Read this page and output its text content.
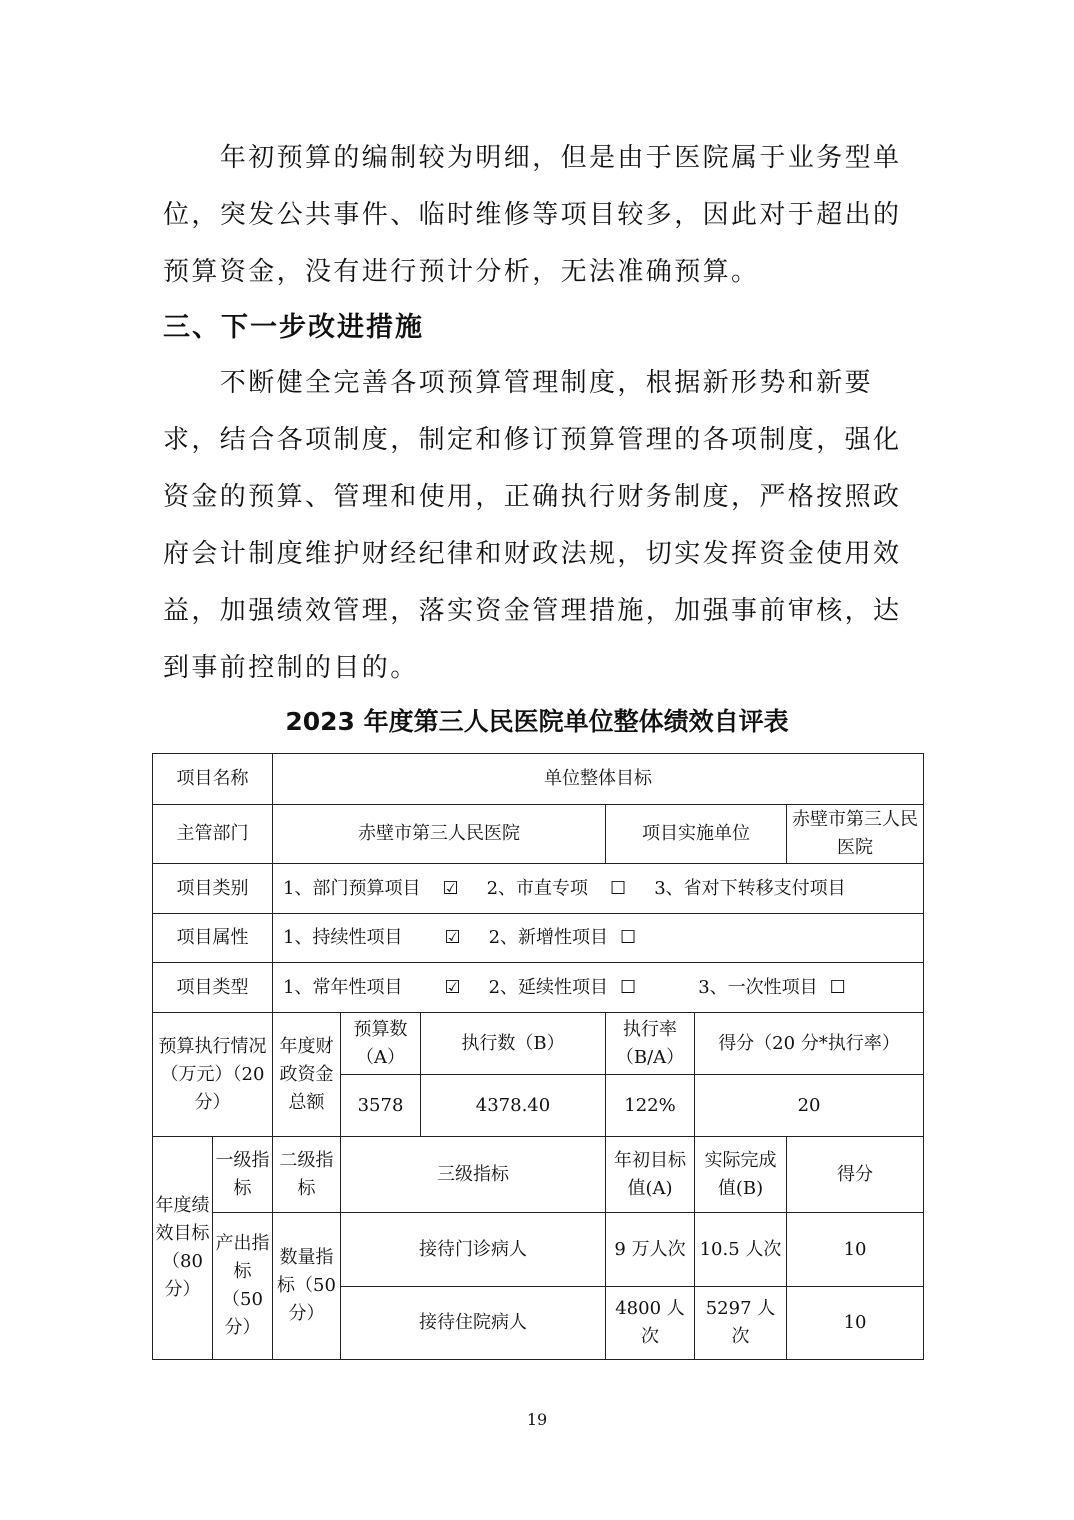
　　年初预算的编制较为明细，但是由于医院属于业务型单
位，突发公共事件、临时维修等项目较多，因此对于超出的
预算资金，没有进行预计分析，无法准确预算。
三、下一步改进措施
　　不断健全完善各项预算管理制度，根据新形势和新要
求，结合各项制度，制定和修订预算管理的各项制度，强化
资金的预算、管理和使用，正确执行财务制度，严格按照政
府会计制度维护财经纪律和财政法规，切实发挥资金使用效
益，加强绩效管理，落实资金管理措施，加强事前审核，达
到事前控制的目的。
2023 年度第三人民医院单位整体绩效自评表
项目名称		单位整体目标					
主管部门		赤壁市第三人民医院			项目实施单位		赤壁市第三人民医院
项目类别		1、部门预算项目 ☑ 2、市直专项 ☐ 3、省对下转移支付项目					
项目属性		1、持续性项目 ☑ 2、新增性项目 ☐					
项目类型		1、常年性项目 ☑ 2、延续性项目 ☐ 3、一次性项目 ☐					
预算执行情况（万元）（20 分）		年度财政资金总额	预算数（A）	执行数（B）	执行率（B/A）	得分（20 分*执行率）	
			3578	4378.40	122%	20	
年度绩效目标（80 分）	一级指标	二级指标	三级指标		年初目标值(A)	实际完成值(B)	得分
	产出指标（50 分）	数量指标（50 分）	接待门诊病人		9 万人次	10.5 人次	10
			接待住院病人		4800 人次	5297 人次	10
19
